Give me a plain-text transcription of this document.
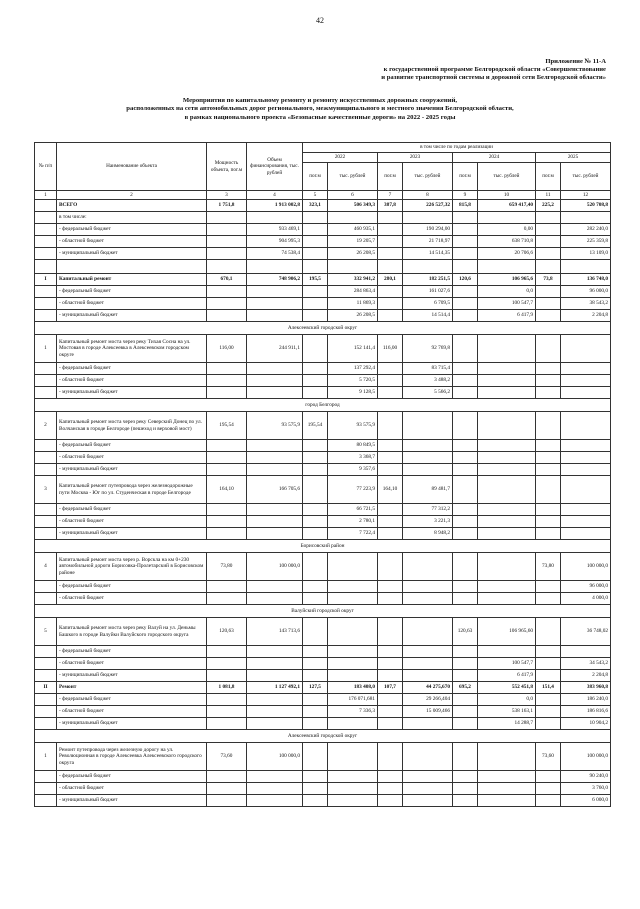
42
Приложение № 11-А
к государственной программе Белгородской области «Совершенствование
и развитие транспортной системы и дорожной сети Белгородской области»
Мероприятия по капитальному ремонту и ремонту искусственных дорожных сооружений,
расположенных на сети автомобильных дорог регионального, межмуниципального и местного значения Белгородской области,
в рамках национального проекта «Безопасные качественные дороги» на 2022 - 2025 годы
№ п/п	Наименование объекта	Мощность объекта, пог.м	Объем финансирования, тыс. рублей	в том числе по годам реализации							
				2022		2023		2024		2025	
				пог.м	тыс. рублей	пог.м	тыс. рублей	пог.м	тыс. рублей	пог.м	тыс. рублей
1	2	3	4	5	6	7	8	9	10	11	12
	ВСЕГО	1 751,8	1 913 002,8	323,1	506 349,3	387,8	226 527,32	815,8	659 417,40	225,2	520 708,8
	в том числе:										
	- федеральный бюджет		933 469,1		460 935,1		190 294,00		0,00		282 240,0
	- областной бюджет		904 995,3		19 205,7		21 718,97		638 710,8		225 359,8
	- муниципальный бюджет		74 538,4		26 208,5		14 514,35		20 706,6		13 109,0

I	Капитальный ремонт	670,1	748 906,2	195,5	332 941,2	280,1	182 251,5	120,6	106 965,6	73,8	136 748,0
	- федеральный бюджет				284 863,4		161 027,6		0,0		96 000,0
	- областной бюджет				11 869,3		6 709,5		100 547,7		38 543,2
	- муниципальный бюджет				26 208,5		14 514,4		6 417,9		2 204,8
Алексеевский городской округ											
1	Капитальный ремонт моста через реку Тихая Сосна на ул. Мостовая в городе Алексеевка в Алексеевском городском округе	116,00	244 911,1		152 141,4	116,00	92 769,8				
	- федеральный бюджет				137 292,4		83 715,4				
	- областной бюджет				5 720,5		3 488,2				
	- муниципальный бюджет				9 128,5		5 566,2				
город Белгород											
2	Капитальный ремонт моста через реку Северский Донец по ул. Волчанская в городе Белгороде (пешеход и верховой мост)	195,54	93 575,9	195,54	93 575,9						
	- федеральный бюджет				80 849,5						
	- областной бюджет				3 368,7						
	- муниципальный бюджет				9 357,6						
3	Капитальный ремонт путепровода через железнодорожные пути Москва - Юг по ул. Студенческая в городе Белгороде	164,10	166 705,6		77 223,9	164,10	89 481,7				
	- федеральный бюджет				66 721,5		77 312,2				
	- областной бюджет				2 780,1		3 221,3				
	- муниципальный бюджет				7 722,4		8 948,2				
Борисовский район											
4	Капитальный ремонт моста через р. Ворскла на км 0+230 автомобильной дороги Борисовка-Пролетарский в Борисовском районе	73,80	100 000,0							73,80	100 000,0
	- федеральный бюджет										96 000,0
	- областной бюджет										4 000,0
Валуйский городской округ											
5	Капитальный ремонт моста через реку Валуй на ул. Деньмы Башкого в городе Валуйки Валуйского городского округа	120,63	143 713,6					120,63	106 965,60		36 748,02
	- федеральный бюджет										
	- областной бюджет								100 547,7		34 543,2
	- муниципальный бюджет								6 417,9		2 204,8
II	Ремонт	1 081,8	1 127 492,1	127,5	183 408,0	107,7	44 275,670	695,2	552 451,8	151,4	383 960,8
	- федеральный бюджет				176 071,681		29 266,404		0,0		186 240,0
	- областной бюджет				7 336,3		15 009,466		538 163,1		186 816,6
	- муниципальный бюджет								14 288,7		10 904,2
Алексеевский городской округ											
1	Ремонт путепровода через железную дорогу на ул. Революционная в городе Алексеевка Алексеевского городского округа	73,60	100 000,0							73,60	100 000,0
	- федеральный бюджет										90 240,0
	- областной бюджет										3 760,0
	- муниципальный бюджет										6 000,0
